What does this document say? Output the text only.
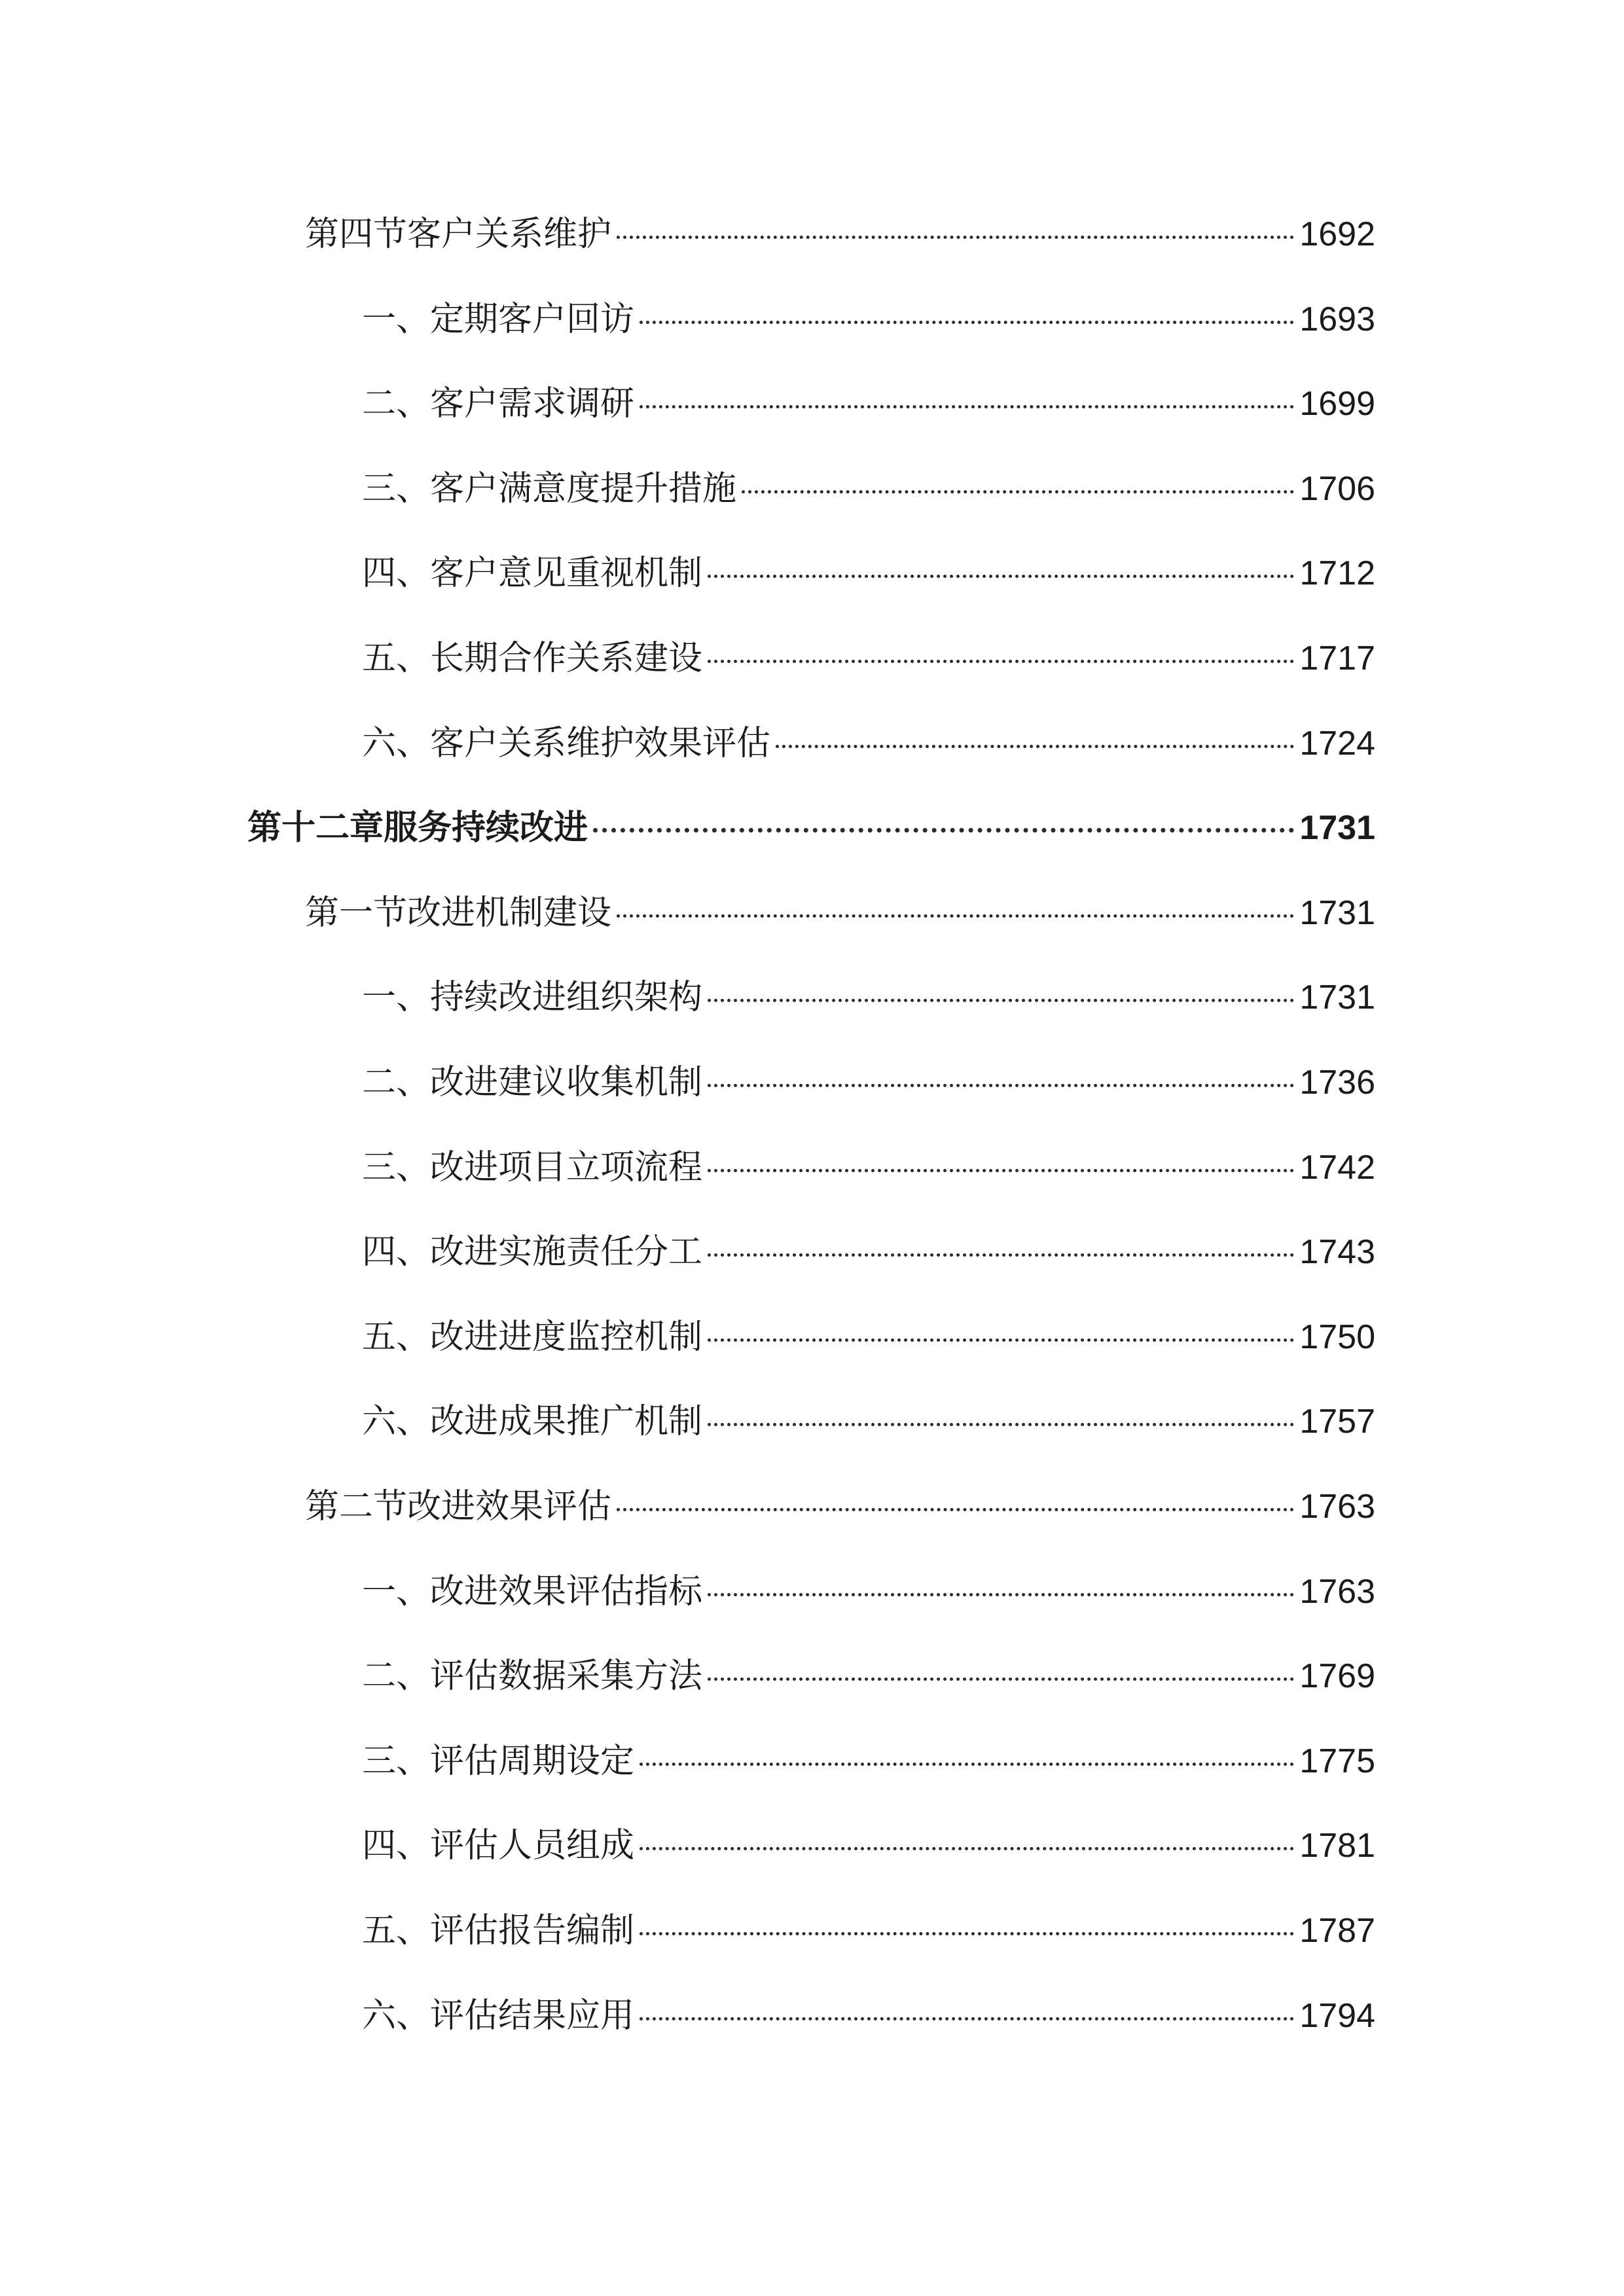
第四节客户关系维护	1692
一、定期客户回访	1693
二、客户需求调研	1699
三、客户满意度提升措施	1706
四、客户意见重视机制	1712
五、长期合作关系建设	1717
六、客户关系维护效果评估	1724
第十二章服务持续改进	1731
第一节改进机制建设	1731
一、持续改进组织架构	1731
二、改进建议收集机制	1736
三、改进项目立项流程	1742
四、改进实施责任分工	1743
五、改进进度监控机制	1750
六、改进成果推广机制	1757
第二节改进效果评估	1763
一、改进效果评估指标	1763
二、评估数据采集方法	1769
三、评估周期设定	1775
四、评估人员组成	1781
五、评估报告编制	1787
六、评估结果应用	1794
